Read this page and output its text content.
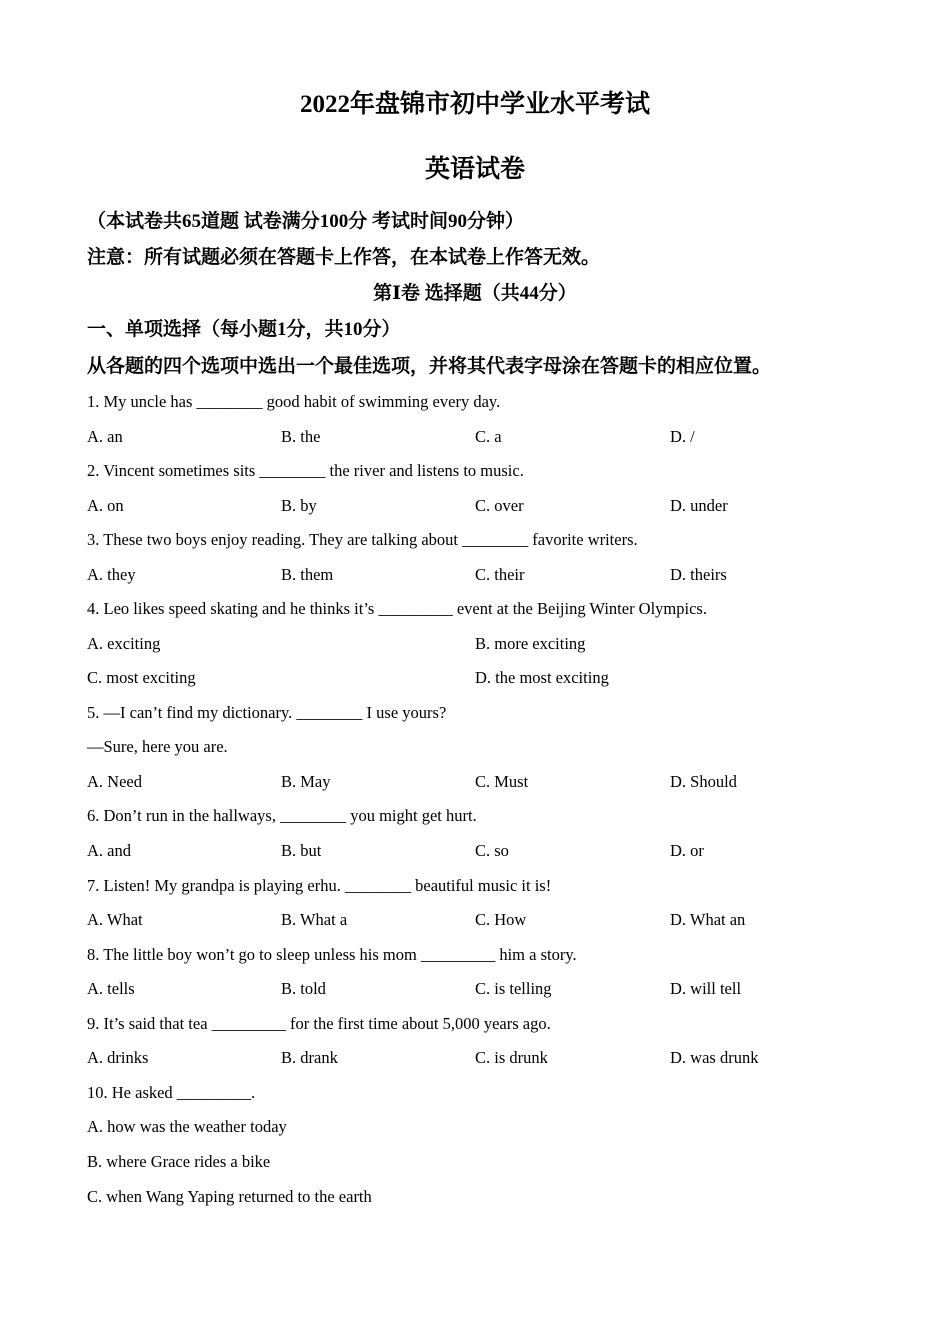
2022年盘锦市初中学业水平考试
英语试卷
（本试卷共65道题 试卷满分100分 考试时间90分钟）
注意：所有试题必须在答题卡上作答，在本试卷上作答无效。
第Ⅰ卷 选择题（共44分）
一、单项选择（每小题1分，共10分）
从各题的四个选项中选出一个最佳选项，并将其代表字母涂在答题卡的相应位置。
1. My uncle has ________ good habit of swimming every day.
A. an	B. the	C. a	D. /
2. Vincent sometimes sits ________ the river and listens to music.
A. on	B. by	C. over	D. under
3. These two boys enjoy reading. They are talking about ________ favorite writers.
A. they	B. them	C. their	D. theirs
4. Leo likes speed skating and he thinks it’s _________ event at the Beijing Winter Olympics.
A. exciting	B. more exciting
C. most exciting	D. the most exciting
5. —I can’t find my dictionary. ________ I use yours?
—Sure, here you are.
A. Need	B. May	C. Must	D. Should
6. Don’t run in the hallways, ________ you might get hurt.
A. and	B. but	C. so	D. or
7. Listen! My grandpa is playing erhu. ________ beautiful music it is!
A. What	B. What a	C. How	D. What an
8. The little boy won’t go to sleep unless his mom _________ him a story.
A. tells	B. told	C. is telling	D. will tell
9. It’s said that tea _________ for the first time about 5,000 years ago.
A. drinks	B. drank	C. is drunk	D. was drunk
10. He asked _________.
A. how was the weather today
B. where Grace rides a bike
C. when Wang Yaping returned to the earth
